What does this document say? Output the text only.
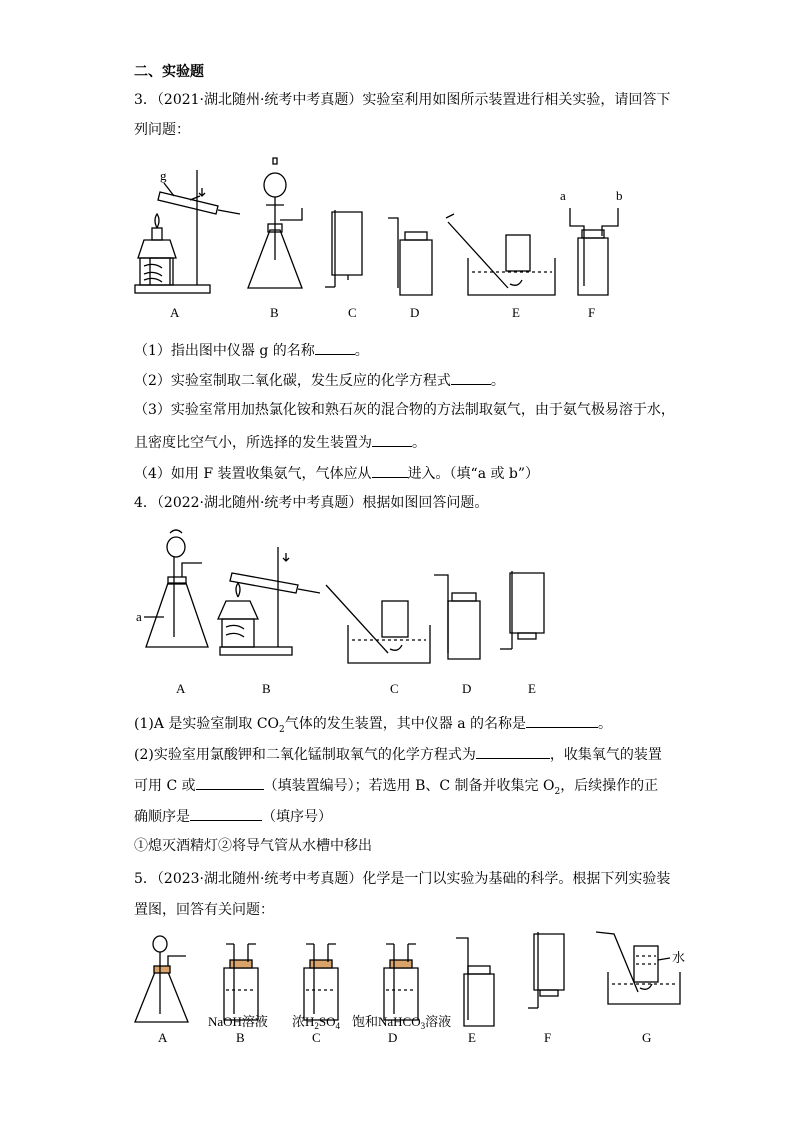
二、实验题
3．（2021·湖北随州·统考中考真题）实验室利用如图所示装置进行相关实验，请回答下
列问题：
g
a	b
A	B	C	D	E	F
（1）指出图中仪器 g 的名称	。
（2）实验室制取二氧化碳，发生反应的化学方程式	。
（3）实验室常用加热氯化铵和熟石灰的混合物的方法制取氨气，由于氨气极易溶于水，
且密度比空气小，所选择的发生装置为	。
（4）如用 F 装置收集氨气，气体应从	进入。（填“a 或 b”）
4．（2022·湖北随州·统考中考真题）根据如图回答问题。
a
A	B	C	D	E
(1)A 是实验室制取 $CO_2$气体的发生装置，其中仪器 a 的名称是	。
(2)实验室用氯酸钾和二氧化锰制取氧气的化学方程式为	，收集氧气的装置
可用 C 或	（填装置编号）；若选用 B、C 制备并收集完 $O_2$，后续操作的正
确顺序是	（填序号）
①熄灭酒精灯②将导气管从水槽中移出
5．（2023·湖北随州·统考中考真题）化学是一门以实验为基础的科学。根据下列实验装
置图，回答有关问题：
水
NaOH溶液 浓$H_2SO_4$ 饱和NaHCO$_3$溶液
A	B	C	D	E	F	G
